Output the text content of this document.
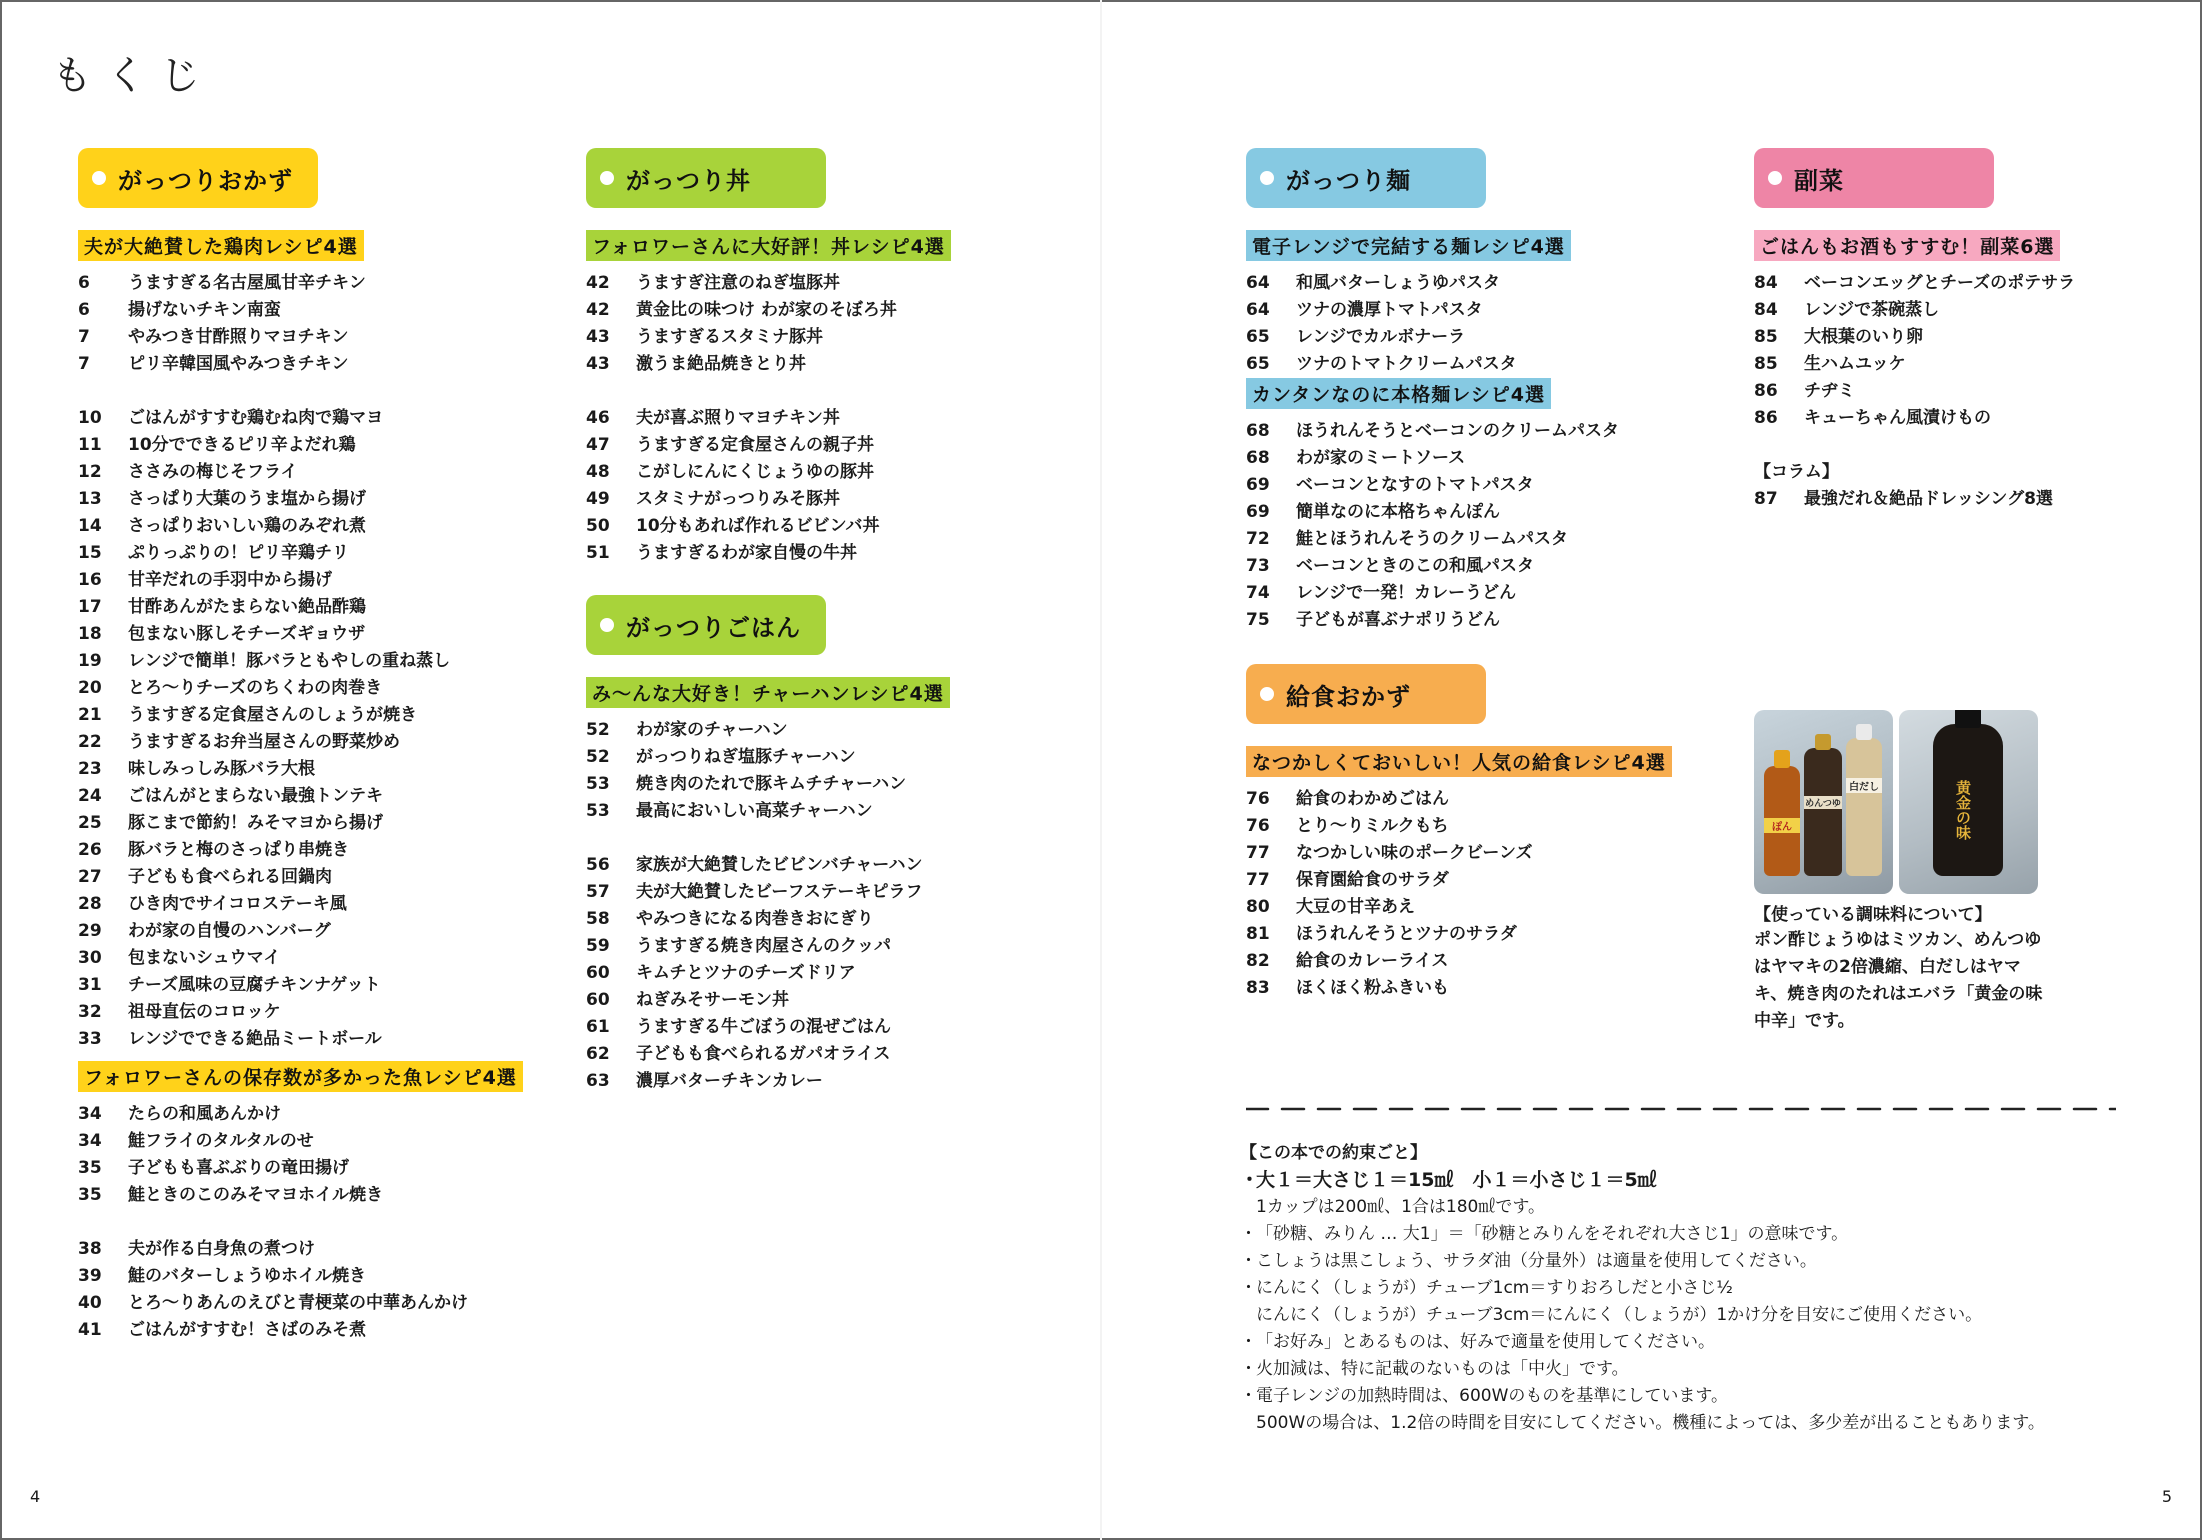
もくじ
がっつりおかず
夫が大絶賛した鶏肉レシピ4選
6	うますぎる名古屋風甘辛チキン
6	揚げないチキン南蛮
7	やみつき甘酢照りマヨチキン
7	ピリ辛韓国風やみつきチキン
10	ごはんがすすむ鶏むね肉で鶏マヨ
11	10分でできるピリ辛よだれ鶏
12	ささみの梅じそフライ
13	さっぱり大葉のうま塩から揚げ
14	さっぱりおいしい鶏のみぞれ煮
15	ぷりっぷりの！ピリ辛鶏チリ
16	甘辛だれの手羽中から揚げ
17	甘酢あんがたまらない絶品酢鶏
18	包まない豚しそチーズギョウザ
19	レンジで簡単！豚バラともやしの重ね蒸し
20	とろ～りチーズのちくわの肉巻き
21	うますぎる定食屋さんのしょうが焼き
22	うますぎるお弁当屋さんの野菜炒め
23	味しみっしみ豚バラ大根
24	ごはんがとまらない最強トンテキ
25	豚こまで節約！みそマヨから揚げ
26	豚バラと梅のさっぱり串焼き
27	子どもも食べられる回鍋肉
28	ひき肉でサイコロステーキ風
29	わが家の自慢のハンバーグ
30	包まないシュウマイ
31	チーズ風味の豆腐チキンナゲット
32	祖母直伝のコロッケ
33	レンジでできる絶品ミートボール
フォロワーさんの保存数が多かった魚レシピ4選
34	たらの和風あんかけ
34	鮭フライのタルタルのせ
35	子どもも喜ぶぶりの竜田揚げ
35	鮭ときのこのみそマヨホイル焼き
38	夫が作る白身魚の煮つけ
39	鮭のバターしょうゆホイル焼き
40	とろ～りあんのえびと青梗菜の中華あんかけ
41	ごはんがすすむ！さばのみそ煮
がっつり丼
フォロワーさんに大好評！丼レシピ4選
42	うますぎ注意のねぎ塩豚丼
42	黄金比の味つけ わが家のそぼろ丼
43	うますぎるスタミナ豚丼
43	激うま絶品焼きとり丼
46	夫が喜ぶ照りマヨチキン丼
47	うますぎる定食屋さんの親子丼
48	こがしにんにくじょうゆの豚丼
49	スタミナがっつりみそ豚丼
50	10分もあれば作れるビビンバ丼
51	うますぎるわが家自慢の牛丼
がっつりごはん
み～んな大好き！チャーハンレシピ4選
52	わが家のチャーハン
52	がっつりねぎ塩豚チャーハン
53	焼き肉のたれで豚キムチチャーハン
53	最高においしい高菜チャーハン
56	家族が大絶賛したビビンバチャーハン
57	夫が大絶賛したビーフステーキピラフ
58	やみつきになる肉巻きおにぎり
59	うますぎる焼き肉屋さんのクッパ
60	キムチとツナのチーズドリア
60	ねぎみそサーモン丼
61	うますぎる牛ごぼうの混ぜごはん
62	子どもも食べられるガパオライス
63	濃厚バターチキンカレー
がっつり麺
電子レンジで完結する麺レシピ4選
64	和風バターしょうゆパスタ
64	ツナの濃厚トマトパスタ
65	レンジでカルボナーラ
65	ツナのトマトクリームパスタ
カンタンなのに本格麺レシピ4選
68	ほうれんそうとベーコンのクリームパスタ
68	わが家のミートソース
69	ベーコンとなすのトマトパスタ
69	簡単なのに本格ちゃんぽん
72	鮭とほうれんそうのクリームパスタ
73	ベーコンときのこの和風パスタ
74	レンジで一発！カレーうどん
75	子どもが喜ぶナポリうどん
給食おかず
なつかしくておいしい！人気の給食レシピ4選
76	給食のわかめごはん
76	とり～りミルクもち
77	なつかしい味のポークビーンズ
77	保育園給食のサラダ
80	大豆の甘辛あえ
81	ほうれんそうとツナのサラダ
82	給食のカレーライス
83	ほくほく粉ふきいも
副菜
ごはんもお酒もすすむ！副菜6選
84	ベーコンエッグとチーズのポテサラ
84	レンジで茶碗蒸し
85	大根葉のいり卵
85	生ハムユッケ
86	チヂミ
86	キューちゃん風漬けもの
【コラム】
87	最強だれ＆絶品ドレッシング8選
ぽん
めんつゆ
白だし	黄金の味
【使っている調味料について】
ポン酢じょうゆはミツカン、めんつゆはヤマキの2倍濃縮、白だしはヤマキ、焼き肉のたれはエバラ「黄金の味 中辛」です。
【この本での約束ごと】
・
大１＝大さじ１＝15㎖　小１＝小さじ１＝5㎖
1カップは200㎖、1合は180㎖です。
・ 「砂糖、みりん … 大1」＝「砂糖とみりんをそれぞれ大さじ1」の意味です。
・ こしょうは黒こしょう、サラダ油（分量外）は適量を使用してください。
・ にんにく（しょうが）チューブ1cm＝すりおろしだと小さじ½
にんにく（しょうが）チューブ3cm＝にんにく（しょうが）1かけ分を目安にご使用ください。
・ 「お好み」とあるものは、好みで適量を使用してください。
・ 火加減は、特に記載のないものは「中火」です。
・ 電子レンジの加熱時間は、600Wのものを基準にしています。
500Wの場合は、1.2倍の時間を目安にしてください。機種によっては、多少差が出ることもあります。
4	5
